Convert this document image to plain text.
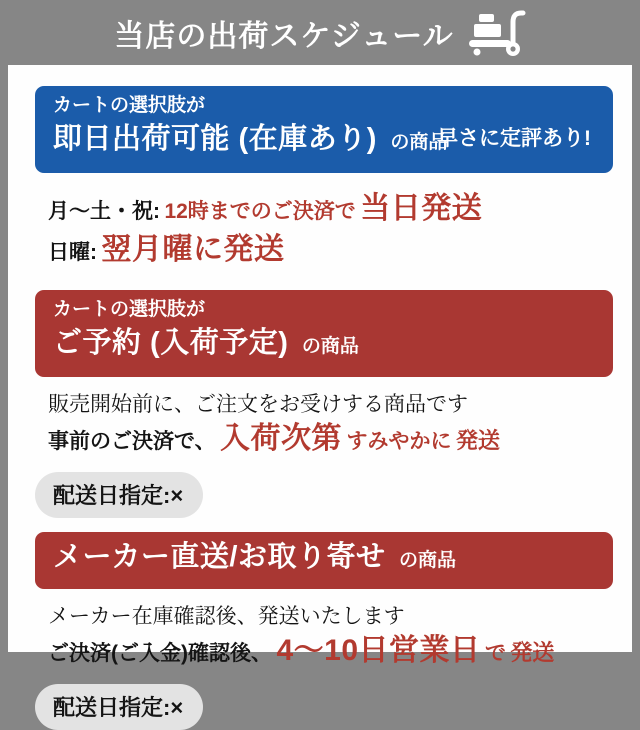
当店の出荷スケジュール
カートの選択肢が
即日出荷可能 (在庫あり) の商品
早さに定評あり!
月〜土・祝: 12時までのご決済で 当日発送
日曜: 翌月曜に発送
カートの選択肢が
ご予約 (入荷予定) の商品
販売開始前に、ご注文をお受けする商品です
事前のご決済で、 入荷次第 すみやかに 発送
配送日指定:×
メーカー直送/お取り寄せ の商品
メーカー在庫確認後、発送いたします
ご決済(ご入金)確認後、 4〜10日営業日 で 発送
配送日指定:×
